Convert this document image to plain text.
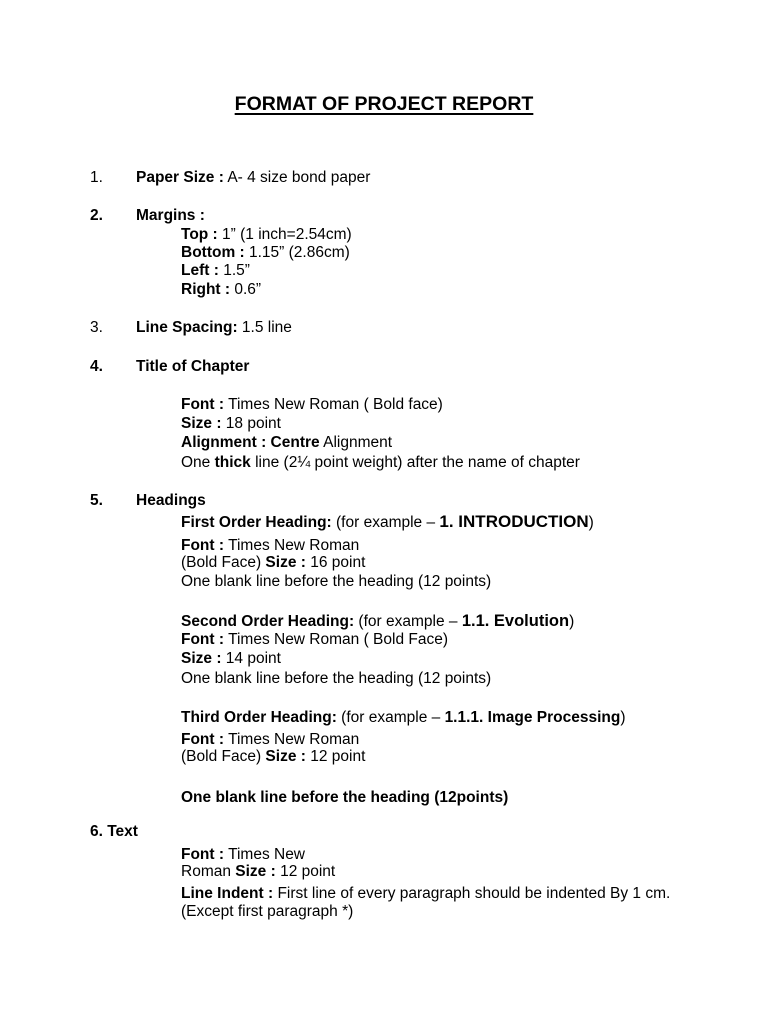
FORMAT OF PROJECT REPORT
1. Paper Size : A- 4 size bond paper
2. Margins :
Top : 1” (1 inch=2.54cm)
Bottom : 1.15” (2.86cm)
Left : 1.5”
Right : 0.6”
3. Line Spacing: 1.5 line
4. Title of Chapter
Font : Times New Roman ( Bold face)
Size : 18 point
Alignment : Centre Alignment
One thick line (2¼ point weight) after the name of chapter
5. Headings
First Order Heading: (for example – 1. INTRODUCTION)
Font : Times New Roman
(Bold Face) Size : 16 point
One blank line before the heading (12 points)
Second Order Heading: (for example – 1.1. Evolution)
Font : Times New Roman ( Bold Face)
Size : 14 point
One blank line before the heading (12 points)
Third Order Heading: (for example – 1.1.1. Image Processing)
Font : Times New Roman
(Bold Face) Size : 12 point
One blank line before the heading (12points)
6. Text
Font : Times New
Roman Size : 12 point
Line Indent : First line of every paragraph should be indented By 1 cm. (Except first paragraph *)
